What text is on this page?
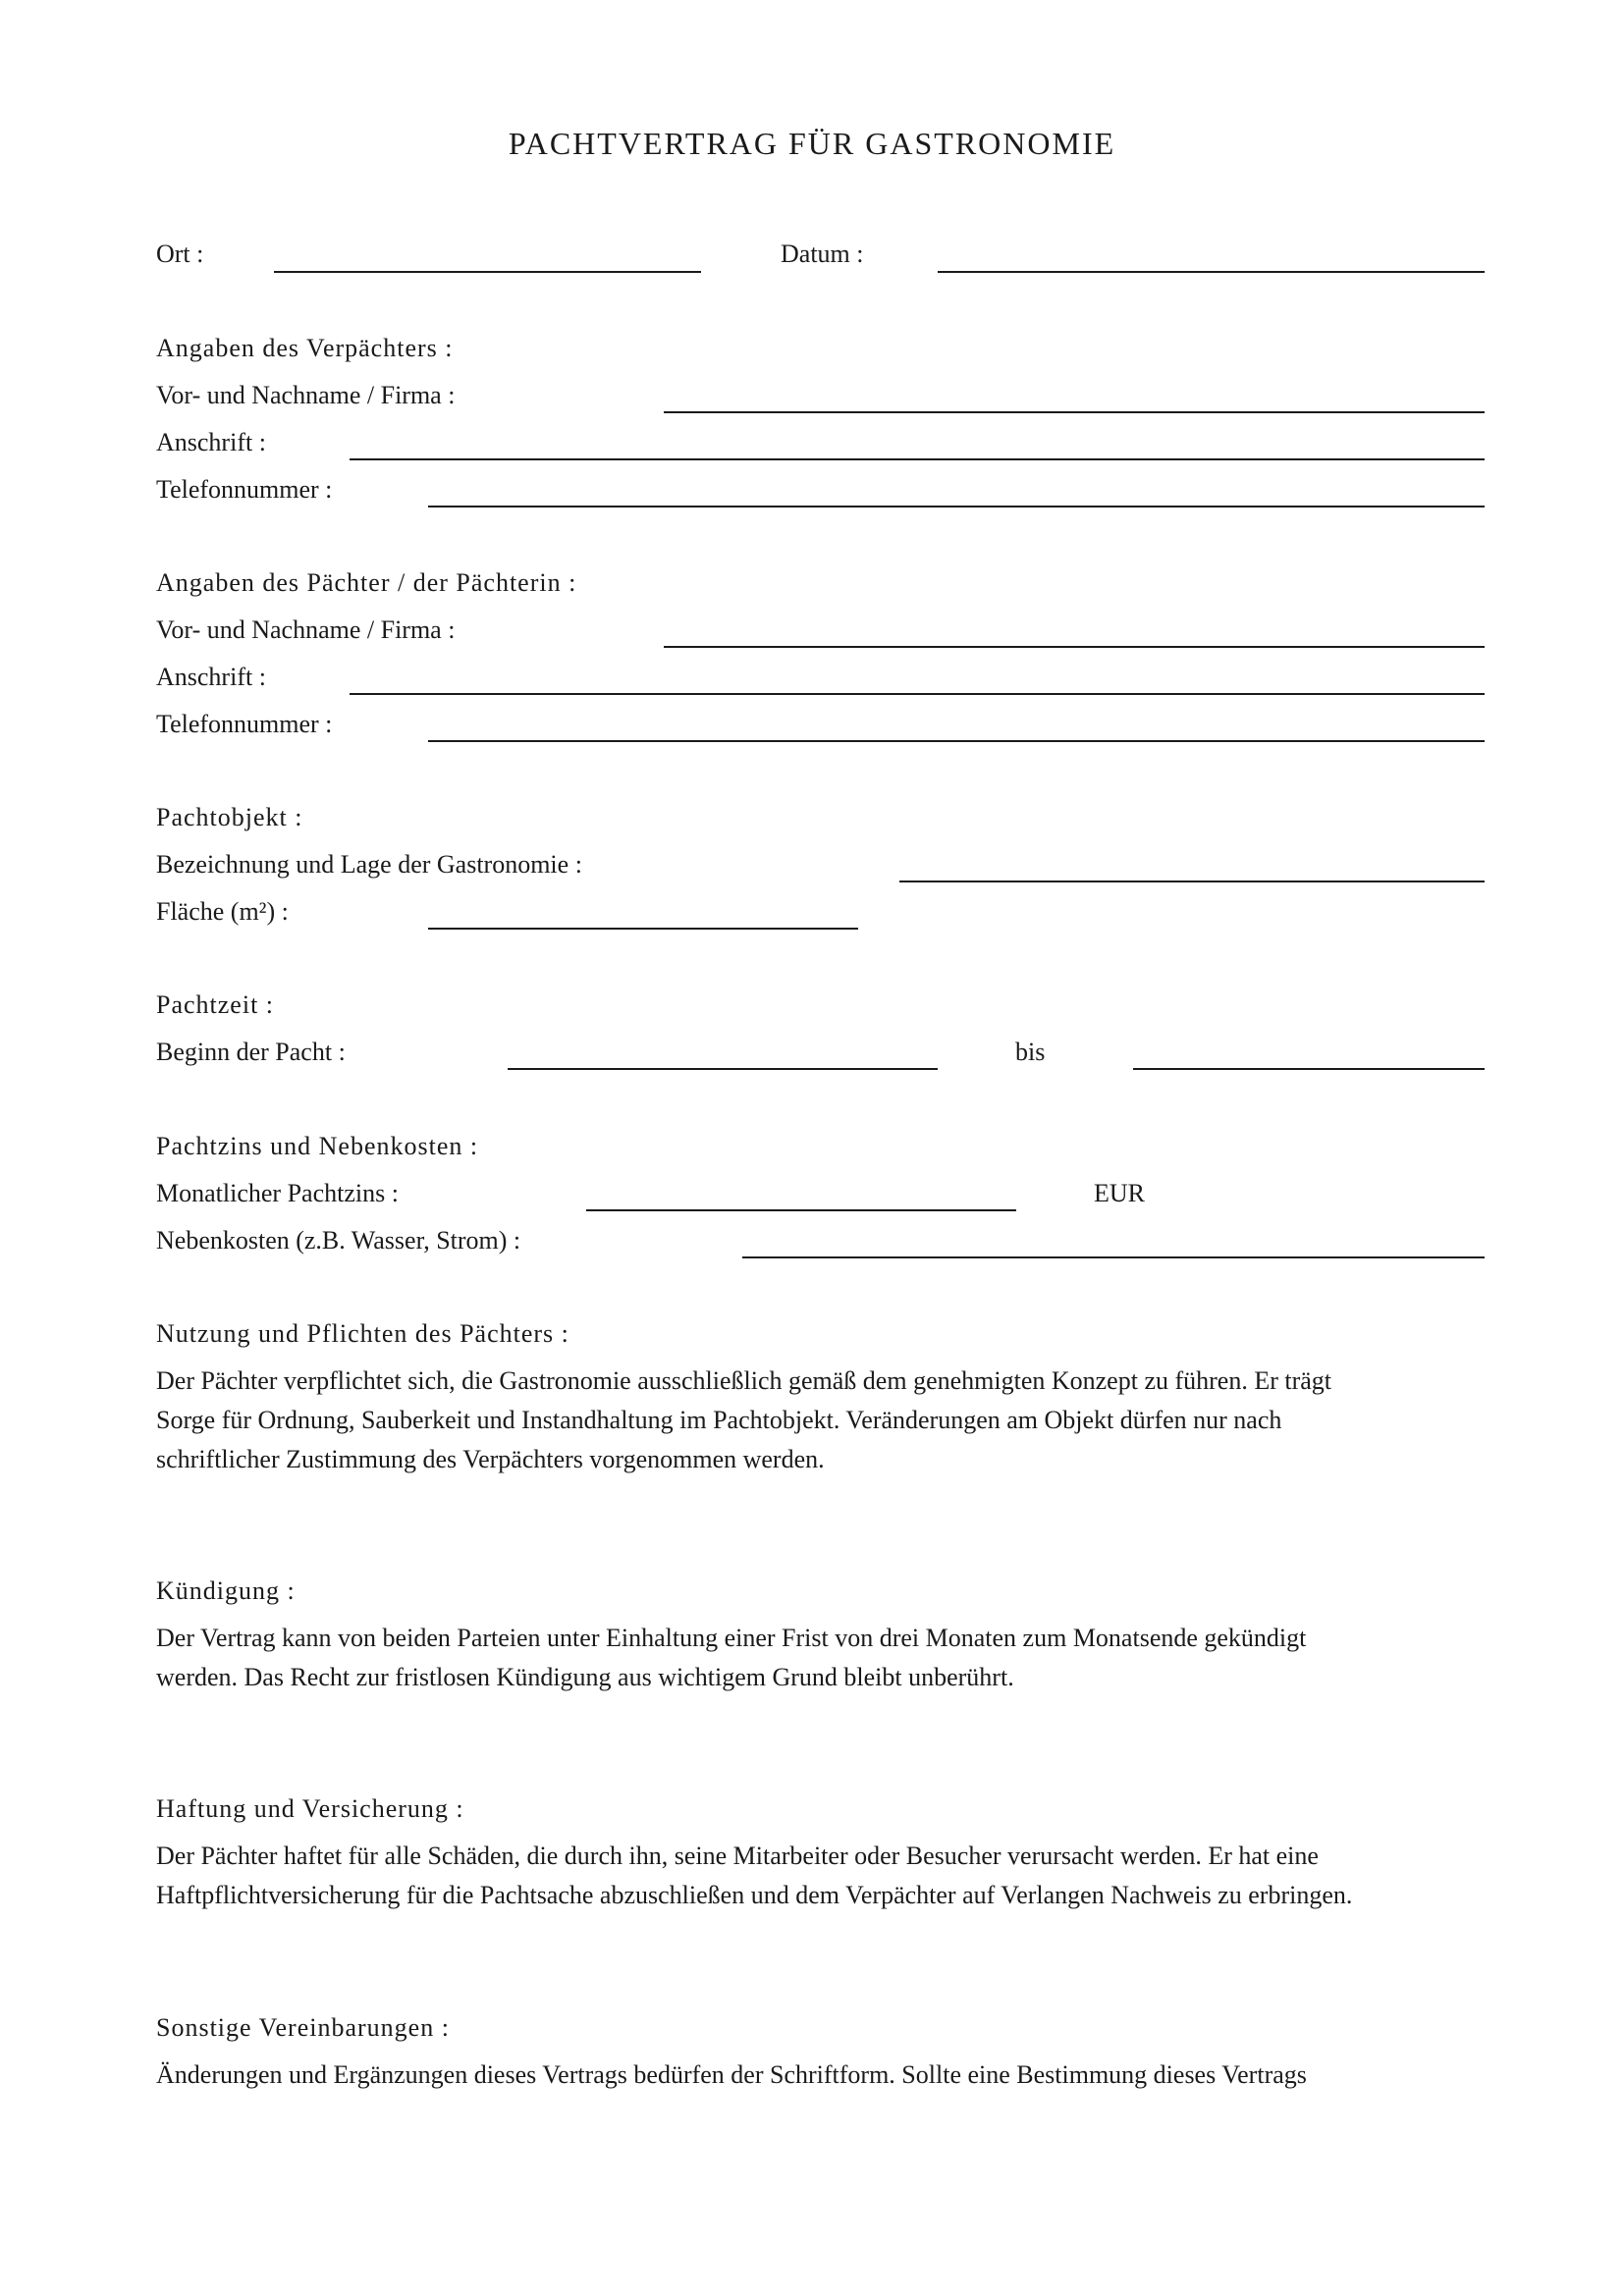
PACHTVERTRAG FÜR GASTRONOMIE
Ort :	Datum :
Angaben des Verpächters :
Vor- und Nachname / Firma :
Anschrift :
Telefonnummer :
Angaben des Pächter / der Pächterin :
Vor- und Nachname / Firma :
Anschrift :
Telefonnummer :
Pachtobjekt :
Bezeichnung und Lage der Gastronomie :
Fläche (m²) :
Pachtzeit :
Beginn der Pacht :	bis
Pachtzins und Nebenkosten :
Monatlicher Pachtzins :	EUR
Nebenkosten (z.B. Wasser, Strom) :
Nutzung und Pflichten des Pächters :
Der Pächter verpflichtet sich, die Gastronomie ausschließlich gemäß dem genehmigten Konzept zu führen. Er trägt
Sorge für Ordnung, Sauberkeit und Instandhaltung im Pachtobjekt. Veränderungen am Objekt dürfen nur nach
schriftlicher Zustimmung des Verpächters vorgenommen werden.
Kündigung :
Der Vertrag kann von beiden Parteien unter Einhaltung einer Frist von drei Monaten zum Monatsende gekündigt
werden. Das Recht zur fristlosen Kündigung aus wichtigem Grund bleibt unberührt.
Haftung und Versicherung :
Der Pächter haftet für alle Schäden, die durch ihn, seine Mitarbeiter oder Besucher verursacht werden. Er hat eine
Haftpflichtversicherung für die Pachtsache abzuschließen und dem Verpächter auf Verlangen Nachweis zu erbringen.
Sonstige Vereinbarungen :
Änderungen und Ergänzungen dieses Vertrags bedürfen der Schriftform. Sollte eine Bestimmung dieses Vertrags
